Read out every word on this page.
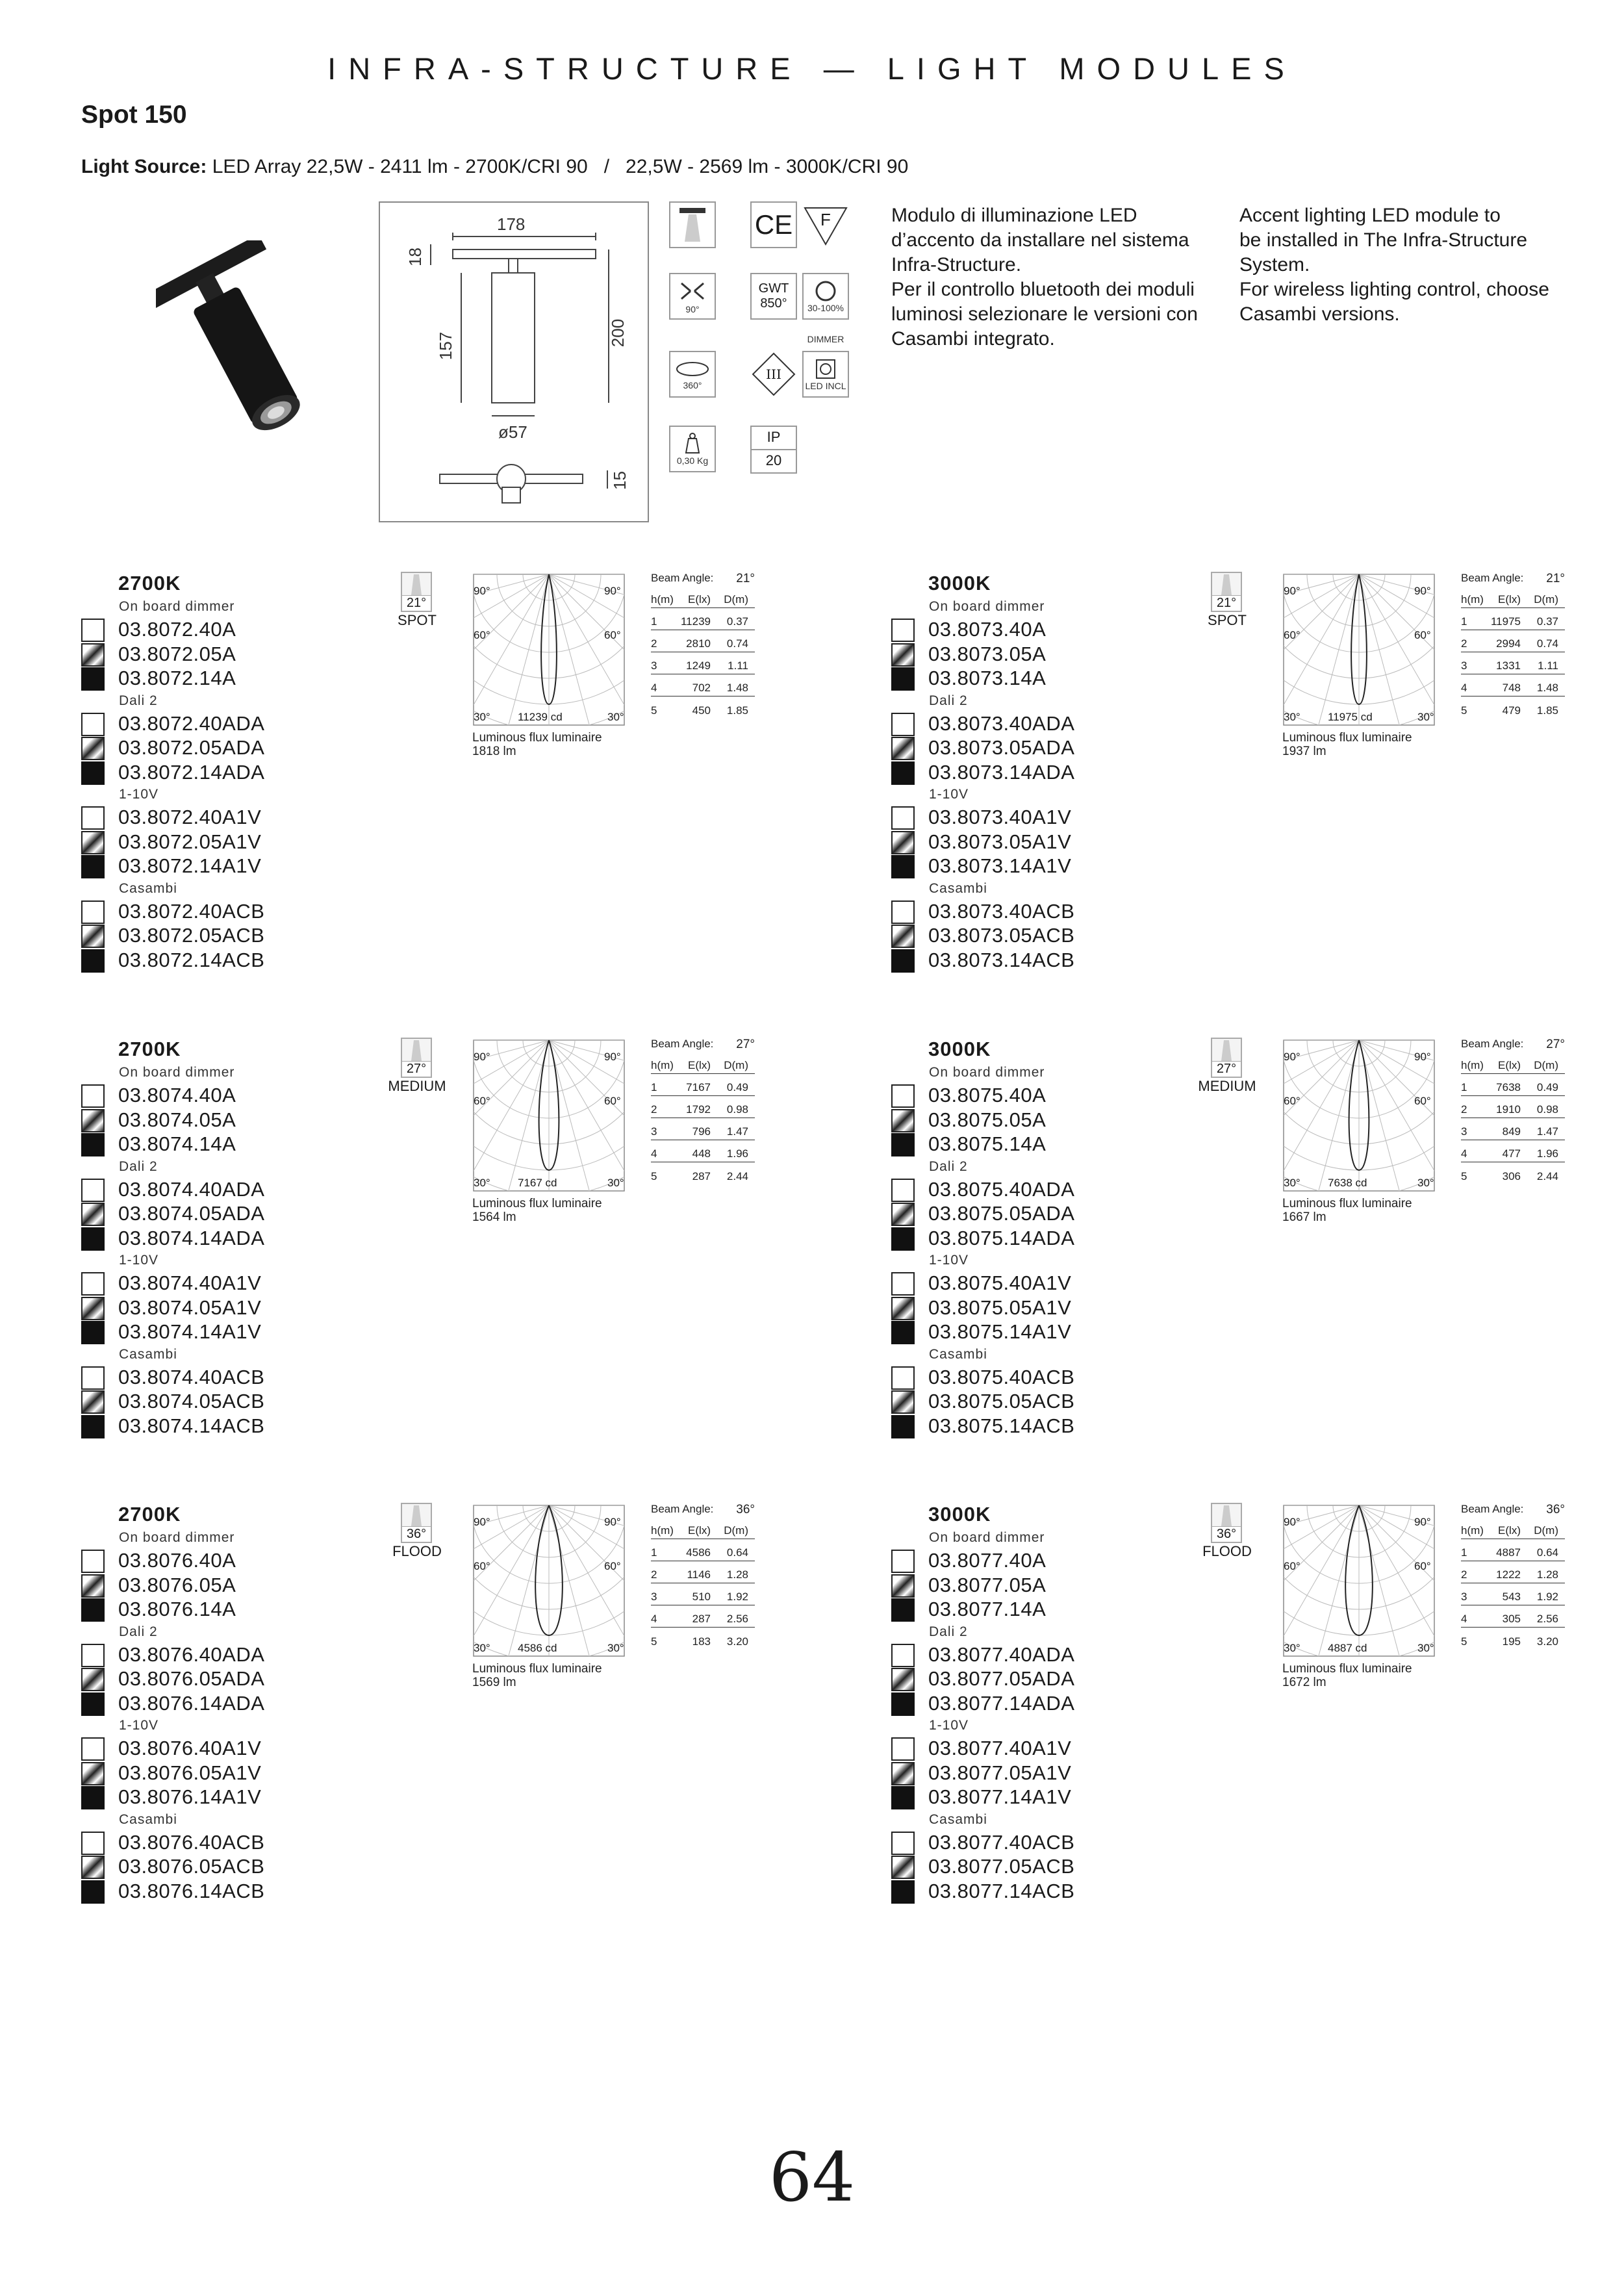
INFRA-STRUCTURE — LIGHT MODULES
Spot 150
Light Source: LED Array 22,5W - 2411 lm - 2700K/CRI 90   /   22,5W - 2569 lm - 3000K/CRI 90
178
18
157	200
ø57
15
CE F
90°
GWT
850° 30-100%
DIMMER
360°
III
LED INCL
0,30 Kg
IP
20
Modulo di illuminazione LED
d’accento da installare nel sistema
Infra-Structure.
Per il controllo bluetooth dei moduli
luminosi selezionare le versioni con
Casambi integrato.
Accent lighting LED module to
be installed in The Infra-Structure
System.
For wireless lighting control, choose
Casambi versions.
2700K
On board dimmer
03.8072.40A
03.8072.05A
03.8072.14A
Dali 2
03.8072.40ADA
03.8072.05ADA
03.8072.14ADA
1-10V
03.8072.40A1V
03.8072.05A1V
03.8072.14A1V
Casambi
03.8072.40ACB
03.8072.05ACB
03.8072.14ACB
21°
SPOT
90°	90°
60°	60°
30°	30°
11239 cd
Luminous flux luminaire
1818 lm
Beam Angle: 21°
h(m)	E(lx)	D(m)
1	11239	0.37
2	2810	0.74
3	1249	1.11
4	702	1.48
5	450	1.85
3000K
On board dimmer
03.8073.40A
03.8073.05A
03.8073.14A
Dali 2
03.8073.40ADA
03.8073.05ADA
03.8073.14ADA
1-10V
03.8073.40A1V
03.8073.05A1V
03.8073.14A1V
Casambi
03.8073.40ACB
03.8073.05ACB
03.8073.14ACB
21°
SPOT
90°	90°
60°	60°
30°	30°
11975 cd
Luminous flux luminaire
1937 lm
Beam Angle: 21°
h(m)	E(lx)	D(m)
1	11975	0.37
2	2994	0.74
3	1331	1.11
4	748	1.48
5	479	1.85
2700K
On board dimmer
03.8074.40A
03.8074.05A
03.8074.14A
Dali 2
03.8074.40ADA
03.8074.05ADA
03.8074.14ADA
1-10V
03.8074.40A1V
03.8074.05A1V
03.8074.14A1V
Casambi
03.8074.40ACB
03.8074.05ACB
03.8074.14ACB
27°
MEDIUM
90°	90°
60°	60°
30°	30°
7167 cd
Luminous flux luminaire
1564 lm
Beam Angle: 27°
h(m)	E(lx)	D(m)
1	7167	0.49
2	1792	0.98
3	796	1.47
4	448	1.96
5	287	2.44
3000K
On board dimmer
03.8075.40A
03.8075.05A
03.8075.14A
Dali 2
03.8075.40ADA
03.8075.05ADA
03.8075.14ADA
1-10V
03.8075.40A1V
03.8075.05A1V
03.8075.14A1V
Casambi
03.8075.40ACB
03.8075.05ACB
03.8075.14ACB
27°
MEDIUM
90°	90°
60°	60°
30°	30°
7638 cd
Luminous flux luminaire
1667 lm
Beam Angle: 27°
h(m)	E(lx)	D(m)
1	7638	0.49
2	1910	0.98
3	849	1.47
4	477	1.96
5	306	2.44
2700K
On board dimmer
03.8076.40A
03.8076.05A
03.8076.14A
Dali 2
03.8076.40ADA
03.8076.05ADA
03.8076.14ADA
1-10V
03.8076.40A1V
03.8076.05A1V
03.8076.14A1V
Casambi
03.8076.40ACB
03.8076.05ACB
03.8076.14ACB
36°
FLOOD
90°	90°
60°	60°
30°	30°
4586 cd
Luminous flux luminaire
1569 lm
Beam Angle: 36°
h(m)	E(lx)	D(m)
1	4586	0.64
2	1146	1.28
3	510	1.92
4	287	2.56
5	183	3.20
3000K
On board dimmer
03.8077.40A
03.8077.05A
03.8077.14A
Dali 2
03.8077.40ADA
03.8077.05ADA
03.8077.14ADA
1-10V
03.8077.40A1V
03.8077.05A1V
03.8077.14A1V
Casambi
03.8077.40ACB
03.8077.05ACB
03.8077.14ACB
36°
FLOOD
90°	90°
60°	60°
30°	30°
4887 cd
Luminous flux luminaire
1672 lm
Beam Angle: 36°
h(m)	E(lx)	D(m)
1	4887	0.64
2	1222	1.28
3	543	1.92
4	305	2.56
5	195	3.20
64
